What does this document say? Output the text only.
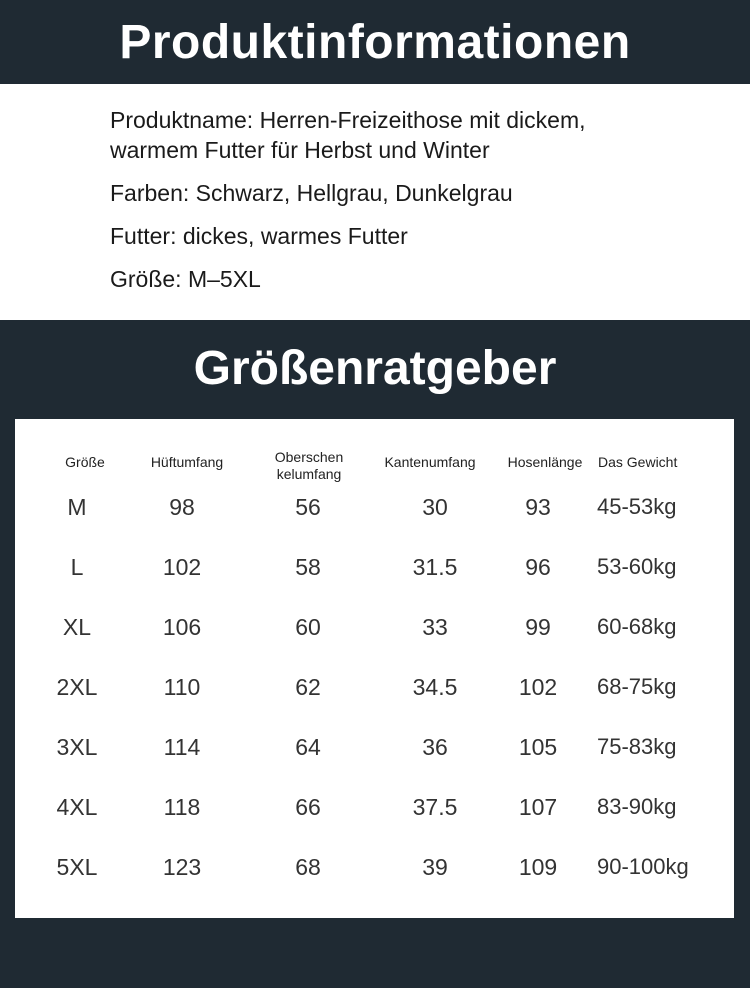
Produktinformationen
Produktname: Herren-Freizeithose mit dickem,
warmem Futter für Herbst und Winter
Farben: Schwarz, Hellgrau, Dunkelgrau
Futter: dickes, warmes Futter
Größe: M–5XL
Größenratgeber
Größe	Hüftumfang	Oberschen
kelumfang
Kantenumfang	Hosenlänge	Das Gewicht
M	98	56	30	93	45-53kg
L	102	58	31.5	96	53-60kg
XL	106	60	33	99	60-68kg
2XL	110	62	34.5	102	68-75kg
3XL	114	64	36	105	75-83kg
4XL	118	66	37.5	107	83-90kg
5XL	123	68	39	109	90-100kg
